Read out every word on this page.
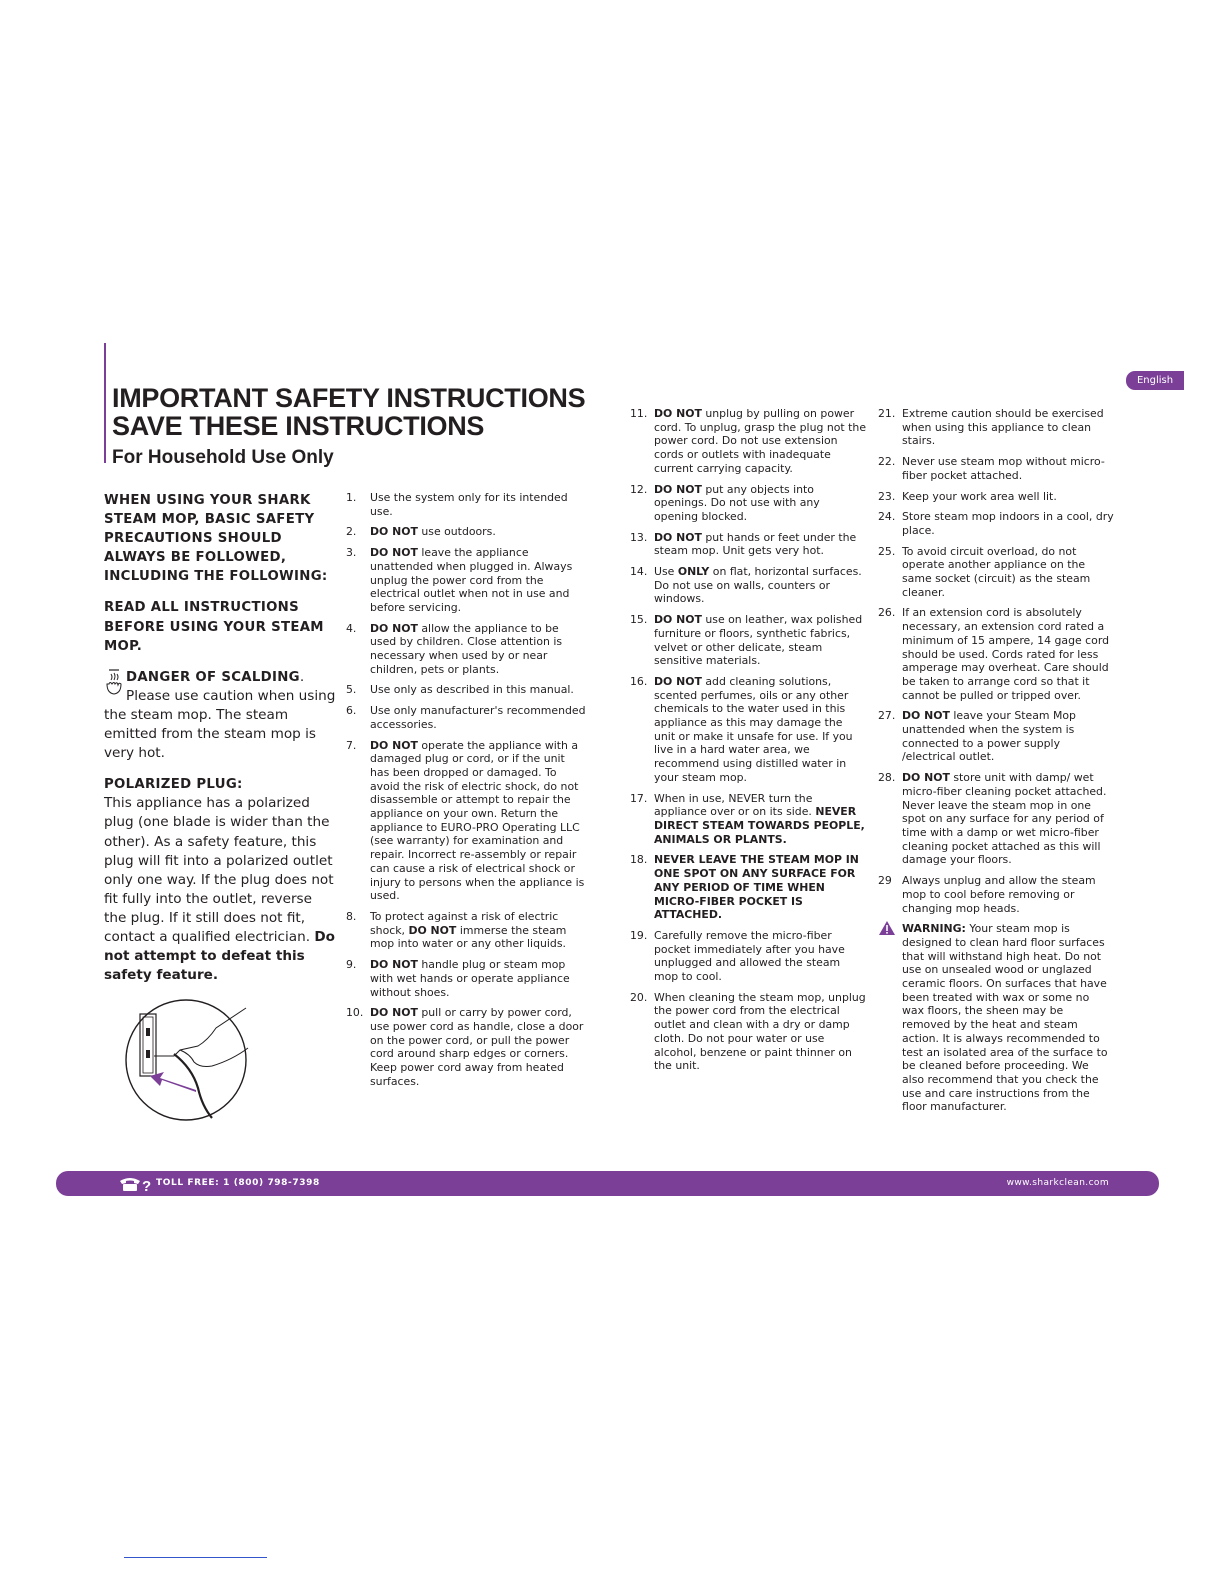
IMPORTANT SAFETY INSTRUCTIONS
SAVE THESE INSTRUCTIONS
For Household Use Only
English

WHEN USING YOUR SHARK STEAM MOP, BASIC SAFETY PRECAUTIONS SHOULD ALWAYS BE FOLLOWED, INCLUDING THE FOLLOWING:

READ ALL INSTRUCTIONS BEFORE USING YOUR STEAM MOP.

DANGER OF SCALDING. Please use caution when using the steam mop. The steam emitted from the steam mop is very hot.

POLARIZED PLUG:
This appliance has a polarized plug (one blade is wider than the other). As a safety feature, this plug will fit into a polarized outlet only one way. If the plug does not fit fully into the outlet, reverse the plug. If it still does not fit, contact a qualified electrician. Do not attempt to defeat this safety feature.

1.	Use the system only for its intended use.
2.	DO NOT use outdoors.
3.	DO NOT leave the appliance unattended when plugged in. Always unplug the power cord from the electrical outlet when not in use and before servicing.
4.	DO NOT allow the appliance to be used by children. Close attention is necessary when used by or near children, pets or plants.
5.	Use only as described in this manual.
6.	Use only manufacturer's recommended accessories.
7.	DO NOT operate the appliance with a damaged plug or cord, or if the unit has been dropped or damaged. To avoid the risk of electric shock, do not disassemble or attempt to repair the appliance on your own. Return the appliance to EURO-PRO Operating LLC (see warranty) for examination and repair. Incorrect re-assembly or repair can cause a risk of electrical shock or injury to persons when the appliance is used.
8.	To protect against a risk of electric shock, DO NOT immerse the steam mop into water or any other liquids.
9.	DO NOT handle plug or steam mop with wet hands or operate appliance without shoes.
10. DO NOT pull or carry by power cord, use power cord as handle, close a door on the power cord, or pull the power cord around sharp edges or corners. Keep power cord away from heated surfaces.
11. DO NOT unplug by pulling on power cord. To unplug, grasp the plug not the power cord. Do not use extension cords or outlets with inadequate current carrying capacity.
12. DO NOT put any objects into openings. Do not use with any opening blocked.
13. DO NOT put hands or feet under the steam mop. Unit gets very hot.
14. Use ONLY on flat, horizontal surfaces. Do not use on walls, counters or windows.
15. DO NOT use on leather, wax polished furniture or floors, synthetic fabrics, velvet or other delicate, steam sensitive materials.
16. DO NOT add cleaning solutions, scented perfumes, oils or any other chemicals to the water used in this appliance as this may damage the unit or make it unsafe for use. If you live in a hard water area, we recommend using distilled water in your steam mop.
17. When in use, NEVER turn the appliance over or on its side. NEVER DIRECT STEAM TOWARDS PEOPLE, ANIMALS OR PLANTS.
18. NEVER LEAVE THE STEAM MOP IN ONE SPOT ON ANY SURFACE FOR ANY PERIOD OF TIME WHEN MICRO-FIBER POCKET IS ATTACHED.
19. Carefully remove the micro-fiber pocket immediately after you have unplugged and allowed the steam mop to cool.
20. When cleaning the steam mop, unplug the power cord from the electrical outlet and clean with a dry or damp cloth. Do not pour water or use alcohol, benzene or paint thinner on the unit.
21. Extreme caution should be exercised when using this appliance to clean stairs.
22. Never use steam mop without micro-fiber pocket attached.
23. Keep your work area well lit.
24. Store steam mop indoors in a cool, dry place.
25. To avoid circuit overload, do not operate another appliance on the same socket (circuit) as the steam cleaner.
26. If an extension cord is absolutely necessary, an extension cord rated a minimum of 15 ampere, 14 gage cord should be used. Cords rated for less amperage may overheat. Care should be taken to arrange cord so that it cannot be pulled or tripped over.
27. DO NOT leave your Steam Mop unattended when the system is connected to a power supply /electrical outlet.
28. DO NOT store unit with damp/ wet micro-fiber cleaning pocket attached. Never leave the steam mop in one spot on any surface for any period of time with a damp or wet micro-fiber cleaning pocket attached as this will damage your floors.
29 Always unplug and allow the steam mop to cool before removing or changing mop heads.
WARNING: Your steam mop is designed to clean hard floor surfaces that will withstand high heat. Do not use on unsealed wood or unglazed ceramic floors. On surfaces that have been treated with wax or some no wax floors, the sheen may be removed by the heat and steam action. It is always recommended to test an isolated area of the surface to be cleaned before proceeding. We also recommend that you check the use and care instructions from the floor manufacturer.
? TOLL FREE: 1 (800) 798-7398	www.sharkclean.com
